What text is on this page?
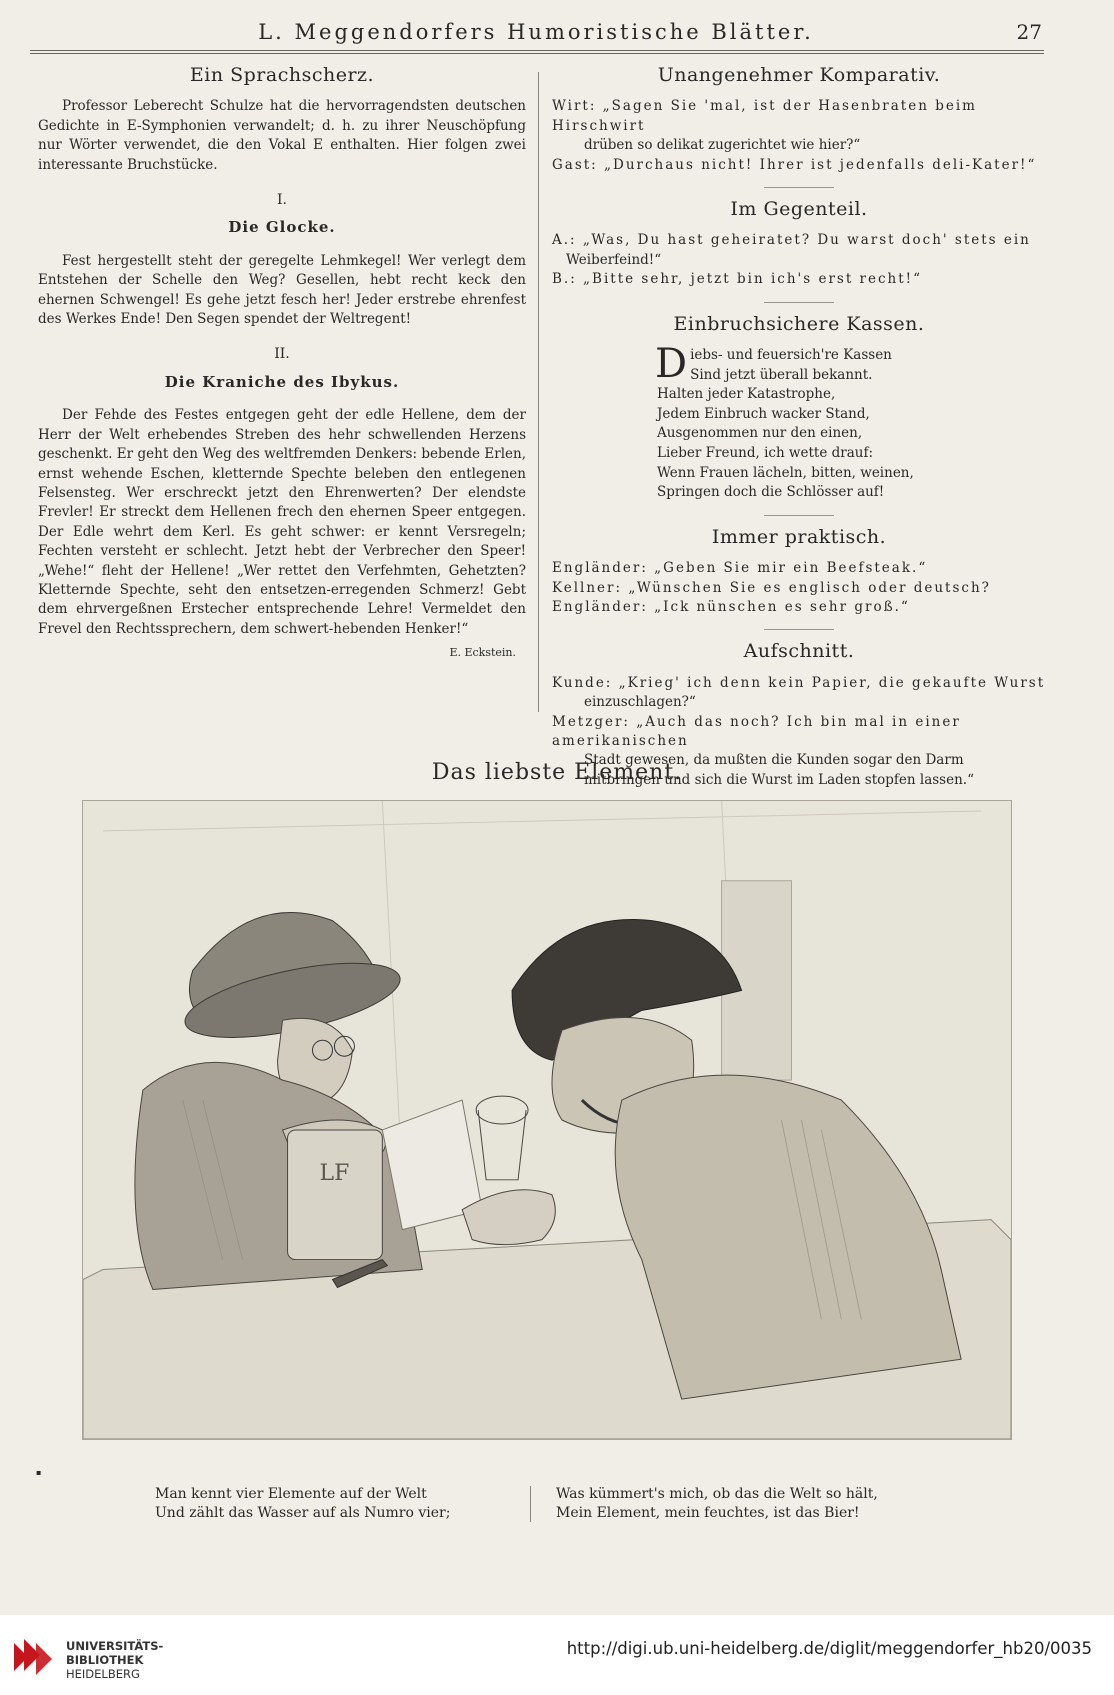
L. Meggendorfers Humoristische Blätter.	27
Ein Sprachscherz.

Professor Leberecht Schulze hat die hervorragendsten deutschen Gedichte in E-Symphonien verwandelt; d. h. zu ihrer Neuschöpfung nur Wörter verwendet, die den Vokal E enthalten. Hier folgen zwei interessante Bruchstücke.

I.
Die Glocke.

Fest hergestellt steht der geregelte Lehmkegel! Wer verlegt dem Entstehen der Schelle den Weg? Gesellen, hebt recht keck den ehernen Schwengel! Es gehe jetzt fesch her! Jeder erstrebe ehrenfest des Werkes Ende! Den Segen spendet der Weltregent!

II.
Die Kraniche des Ibykus.

Der Fehde des Festes entgegen geht der edle Hellene, dem der Herr der Welt erhebendes Streben des hehr schwellenden Herzens geschenkt. Er geht den Weg des weltfremden Denkers: bebende Erlen, ernst wehende Eschen, kletternde Spechte beleben den entlegenen Felsensteg. Wer erschreckt jetzt den Ehrenwerten? Der elendste Frevler! Er streckt dem Hellenen frech den ehernen Speer entgegen. Der Edle wehrt dem Kerl. Es geht schwer: er kennt Versregeln; Fechten versteht er schlecht. Jetzt hebt der Verbrecher den Speer! „Wehe!“ fleht der Hellene! „Wer rettet den Verfehmten, Gehetzten? Kletternde Spechte, seht den entsetzen-erregenden Schmerz! Gebt dem ehrvergeßnen Erstecher entsprechende Lehre! Vermeldet den Frevel den Rechtssprechern, dem schwert-hebenden Henker!“

E. Eckstein.

Unangenehmer Komparativ.

Wirt: „Sagen Sie 'mal, ist der Hasenbraten beim Hirschwirt

drüben so delikat zugerichtet wie hier?“

Gast: „Durchaus nicht! Ihrer ist jedenfalls deli-Kater!“

Im Gegenteil.

A.: „Was, Du hast geheiratet? Du warst doch' stets ein

Weiberfeind!“

B.: „Bitte sehr, jetzt bin ich's erst recht!“

Einbruchsichere Kassen.
D iebs- und feuersich're Kassen
Sind jetzt überall bekannt.
Halten jeder Katastrophe,
Jedem Einbruch wacker Stand,
Ausgenommen nur den einen,
Lieber Freund, ich wette drauf:
Wenn Frauen lächeln, bitten, weinen,
Springen doch die Schlösser auf!
Immer praktisch.

Engländer: „Geben Sie mir ein Beefsteak.“

Kellner: „Wünschen Sie es englisch oder deutsch?

Engländer: „Ick nünschen es sehr groß.“

Aufschnitt.

Kunde: „Krieg' ich denn kein Papier, die gekaufte Wurst

einzuschlagen?“

Metzger: „Auch das noch? Ich bin mal in einer amerikanischen

Stadt gewesen, da mußten die Kunden sogar den Darm

mitbringen und sich die Wurst im Laden stopfen lassen.“

Das liebste Element.
LF
▪
Man kennt vier Elemente auf der Welt
Und zählt das Wasser auf als Numro vier;
Was kümmert's mich, ob das die Welt so hält,
Mein Element, mein feuchtes, ist das Bier!
UNIVERSITÄTS-
BIBLIOTHEK
HEIDELBERG
http://digi.ub.uni-heidelberg.de/diglit/meggendorfer_hb20/0035
